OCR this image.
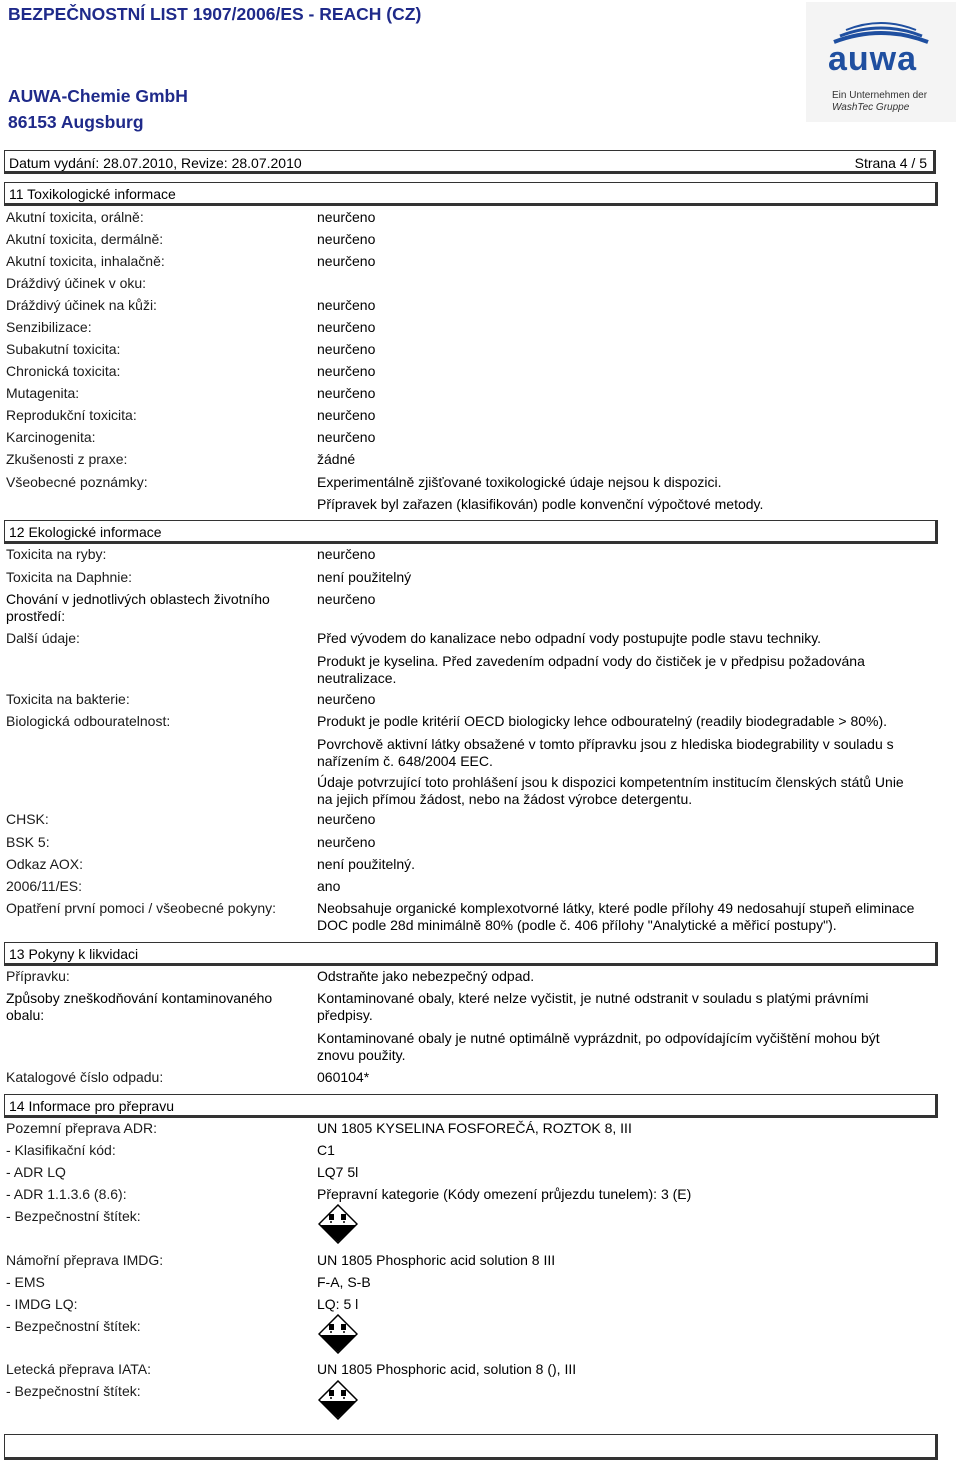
BEZPEČNOSTNÍ LIST 1907/2006/ES - REACH (CZ)
AUWA-Chemie GmbH
86153 Augsburg
auwa
Ein Unternehmen der
WashTec Gruppe
Datum vydání: 28.07.2010, Revize: 28.07.2010	Strana 4 / 5
11 Toxikologické informace
Akutní toxicita, orálně:	neurčeno
Akutní toxicita, dermálně:	neurčeno
Akutní toxicita, inhalačně:	neurčeno
Dráždivý účinek v oku:
Dráždivý účinek na kůži:	neurčeno
Senzibilizace:	neurčeno
Subakutní toxicita:	neurčeno
Chronická toxicita:	neurčeno
Mutagenita:	neurčeno
Reprodukční toxicita:	neurčeno
Karcinogenita:	neurčeno
Zkušenosti z praxe:	žádné
Všeobecné poznámky:	Experimentálně zjišťované toxikologické údaje nejsou k dispozici.
Přípravek byl zařazen (klasifikován) podle konvenční výpočtové metody.
12 Ekologické informace
Toxicita na ryby:	neurčeno
Toxicita na Daphnie:	není použitelný
Chování v jednotlivých oblastech životního prostředí:
neurčeno
Další údaje:	Před vývodem do kanalizace nebo odpadní vody postupujte podle stavu techniky.
Produkt je kyselina. Před zavedením odpadní vody do čističek je v předpisu požadována neutralizace.
Toxicita na bakterie:	neurčeno
Biologická odbouratelnost:	Produkt je podle kritérií OECD biologicky lehce odbouratelný (readily biodegradable > 80%).
Povrchově aktivní látky obsažené v tomto přípravku jsou z hlediska biodegrability v souladu s nařízením č. 648/2004 EEC.
Údaje potvrzující toto prohlášení jsou k dispozici kompetentním institucím členských států Unie na jejich přímou žádost, nebo na žádost výrobce detergentu.
CHSK:	neurčeno
BSK 5:	neurčeno
Odkaz AOX:	není použitelný.
2006/11/ES:	ano
Opatření první pomoci / všeobecné pokyny:	Neobsahuje organické komplexotvorné látky, které podle přílohy 49 nedosahují stupeň eliminace DOC podle 28d minimálně 80% (podle č. 406 přílohy "Analytické a měřicí postupy").
13 Pokyny k likvidaci
Přípravku:	Odstraňte jako nebezpečný odpad.
Způsoby zneškodňování kontaminovaného obalu:
Kontaminované obaly, které nelze vyčistit, je nutné odstranit v souladu s platými právními předpisy.
Kontaminované obaly je nutné optimálně vyprázdnit, po odpovídajícím vyčištění mohou být znovu použity.
Katalogové číslo odpadu:	060104*
14 Informace pro přepravu
Pozemní přeprava ADR:	UN 1805 KYSELINA FOSFOREČÁ, ROZTOK 8, III
- Klasifikační kód:	C1
- ADR LQ	LQ7 5l
- ADR 1.1.3.6 (8.6):	Přepravní kategorie (Kódy omezení průjezdu tunelem): 3 (E)
- Bezpečnostní štítek:
Námořní přeprava IMDG:	UN 1805 Phosphoric acid solution 8 III
- EMS	F-A, S-B
- IMDG LQ:	LQ: 5 l
- Bezpečnostní štítek:
Letecká přeprava IATA:	UN 1805 Phosphoric acid, solution 8 (), III
- Bezpečnostní štítek:
